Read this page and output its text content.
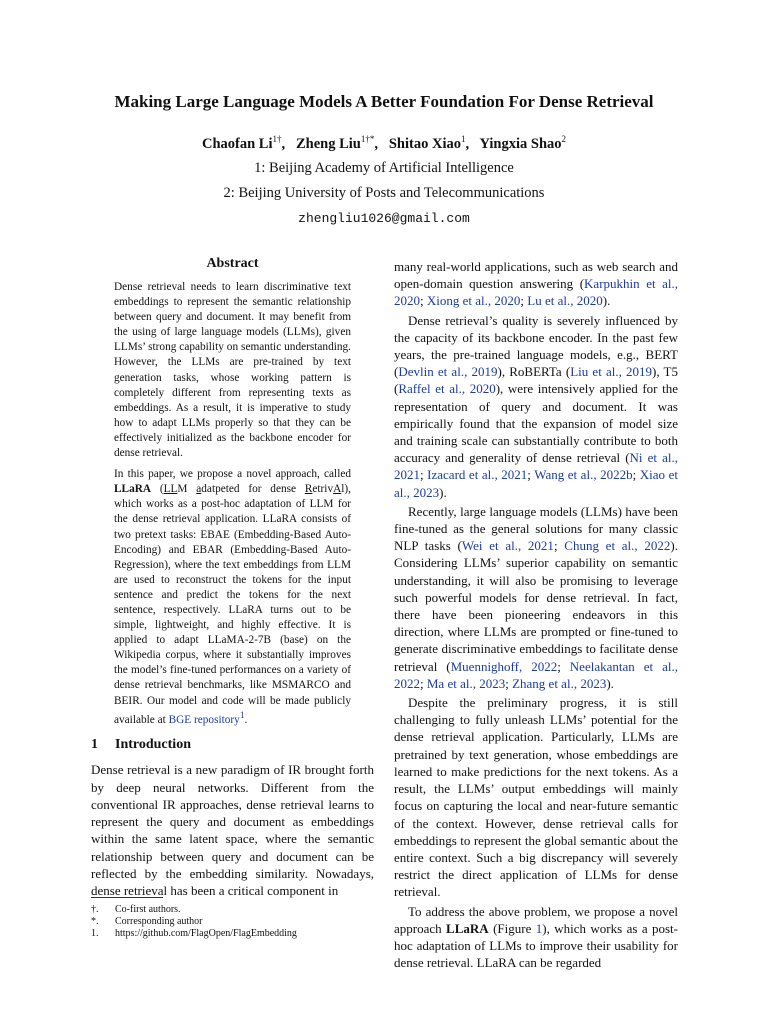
Making Large Language Models A Better Foundation For Dense Retrieval
Chaofan $Li^{1\dagger}$, Zheng Liu$^{1\dagger*}$, Shitao Xiao$^1$, Yingxia Shao$^2$
1: Beijing Academy of Artificial Intelligence
2: Beijing University of Posts and Telecommunications
zhengliu1026@gmail.com
Abstract

Dense retrieval needs to learn discriminative text embeddings to represent the semantic relationship between query and document. It may benefit from the using of large language models (LLMs), given LLMs’ strong capability on semantic understanding. However, the LLMs are pre-trained by text generation tasks, whose working pattern is completely different from representing texts as embeddings. As a result, it is imperative to study how to adapt LLMs properly so that they can be effectively initialized as the backbone encoder for dense retrieval.

In this paper, we propose a novel approach, called LLaRA (LLM adatpeted for dense RetrivAl), which works as a post-hoc adaptation of LLM for the dense retrieval application. LLaRA consists of two pretext tasks: EBAE (Embedding-Based Auto-Encoding) and EBAR (Embedding-Based Auto-Regression), where the text embeddings from LLM are used to reconstruct the tokens for the input sentence and predict the tokens for the next sentence, respectively. LLaRA turns out to be simple, lightweight, and highly effective. It is applied to adapt LLaMA-2-7B (base) on the Wikipedia corpus, where it substantially improves the model’s fine-tuned performances on a variety of dense retrieval benchmarks, like MSMARCO and BEIR. Our model and code will be made publicly available at BGE repository$^1$.

1 Introduction

Dense retrieval is a new paradigm of IR brought forth by deep neural networks. Different from the conventional IR approaches, dense retrieval learns to represent the query and document as embeddings within the same latent space, where the semantic relationship between query and document can be reflected by the embedding similarity. Nowadays, dense retrieval has been a critical component in

many real-world applications, such as web search and open-domain question answering (Karpukhin et al., 2020; Xiong et al., 2020; Lu et al., 2020).

Dense retrieval’s quality is severely influenced by the capacity of its backbone encoder. In the past few years, the pre-trained language models, e.g., BERT (Devlin et al., 2019), RoBERTa (Liu et al., 2019), T5 (Raffel et al., 2020), were intensively applied for the representation of query and document. It was empirically found that the expansion of model size and training scale can substantially contribute to both accuracy and generality of dense retrieval (Ni et al., 2021; Izacard et al., 2021; Wang et al., 2022b; Xiao et al., 2023).

Recently, large language models (LLMs) have been fine-tuned as the general solutions for many classic NLP tasks (Wei et al., 2021; Chung et al., 2022). Considering LLMs’ superior capability on semantic understanding, it will also be promising to leverage such powerful models for dense retrieval. In fact, there have been pioneering endeavors in this direction, where LLMs are prompted or fine-tuned to generate discriminative embeddings to facilitate dense retrieval (Muennighoff, 2022; Neelakantan et al., 2022; Ma et al., 2023; Zhang et al., 2023).

Despite the preliminary progress, it is still challenging to fully unleash LLMs’ potential for the dense retrieval application. Particularly, LLMs are pretrained by text generation, whose embeddings are learned to make predictions for the next tokens. As a result, the LLMs’ output embeddings will mainly focus on capturing the local and near-future semantic of the context. However, dense retrieval calls for embeddings to represent the global semantic about the entire context. Such a big discrepancy will severely restrict the direct application of LLMs for dense retrieval.

To address the above problem, we propose a novel approach LLaRA (Figure 1), which works as a post-hoc adaptation of LLMs to improve their usability for dense retrieval. LLaRA can be regarded

†.	Co-first authors.
*.	Corresponding author
1.	https://github.com/FlagOpen/FlagEmbedding
